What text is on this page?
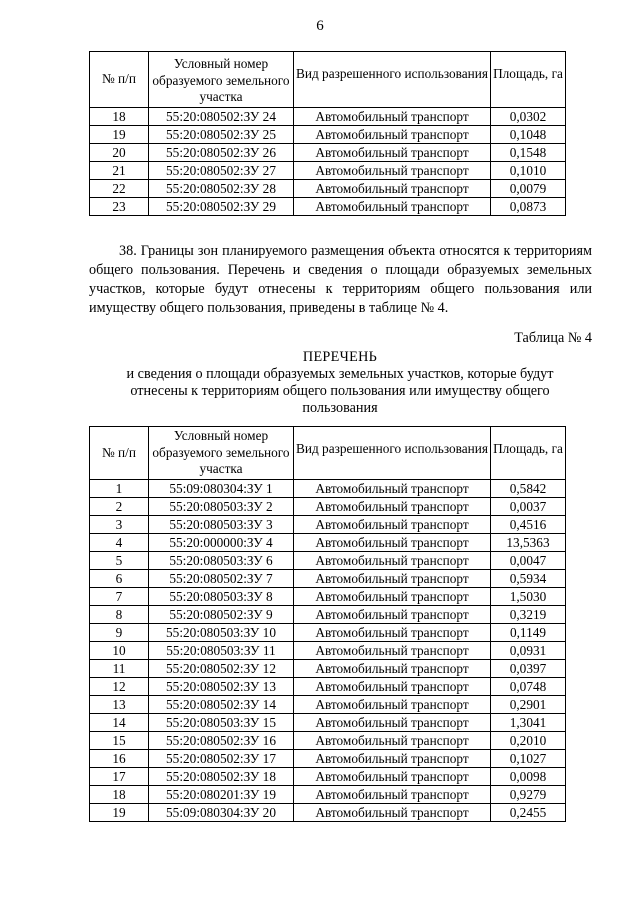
6
№ п/п	Условный номер образуемого земельного участка	Вид разрешенного использования	Площадь, га
18	55:20:080502:ЗУ 24	Автомобильный транспорт	0,0302
19	55:20:080502:ЗУ 25	Автомобильный транспорт	0,1048
20	55:20:080502:ЗУ 26	Автомобильный транспорт	0,1548
21	55:20:080502:ЗУ 27	Автомобильный транспорт	0,1010
22	55:20:080502:ЗУ 28	Автомобильный транспорт	0,0079
23	55:20:080502:ЗУ 29	Автомобильный транспорт	0,0873

38. Границы зон планируемого размещения объекта относятся к территориям общего пользования. Перечень и сведения о площади образуемых земельных участков, которые будут отнесены к территориям общего пользования или имуществу общего пользования, приведены в таблице № 4.

Таблица № 4
ПЕРЕЧЕНЬ
и сведения о площади образуемых земельных участков, которые будут отнесены к территориям общего пользования или имуществу общего пользования
№ п/п	Условный номер образуемого земельного участка	Вид разрешенного использования	Площадь, га
1	55:09:080304:ЗУ 1	Автомобильный транспорт	0,5842
2	55:20:080503:ЗУ 2	Автомобильный транспорт	0,0037
3	55:20:080503:ЗУ 3	Автомобильный транспорт	0,4516
4	55:20:000000:ЗУ 4	Автомобильный транспорт	13,5363
5	55:20:080503:ЗУ 6	Автомобильный транспорт	0,0047
6	55:20:080502:ЗУ 7	Автомобильный транспорт	0,5934
7	55:20:080503:ЗУ 8	Автомобильный транспорт	1,5030
8	55:20:080502:ЗУ 9	Автомобильный транспорт	0,3219
9	55:20:080503:ЗУ 10	Автомобильный транспорт	0,1149
10	55:20:080503:ЗУ 11	Автомобильный транспорт	0,0931
11	55:20:080502:ЗУ 12	Автомобильный транспорт	0,0397
12	55:20:080502:ЗУ 13	Автомобильный транспорт	0,0748
13	55:20:080502:ЗУ 14	Автомобильный транспорт	0,2901
14	55:20:080503:ЗУ 15	Автомобильный транспорт	1,3041
15	55:20:080502:ЗУ 16	Автомобильный транспорт	0,2010
16	55:20:080502:ЗУ 17	Автомобильный транспорт	0,1027
17	55:20:080502:ЗУ 18	Автомобильный транспорт	0,0098
18	55:20:080201:ЗУ 19	Автомобильный транспорт	0,9279
19	55:09:080304:ЗУ 20	Автомобильный транспорт	0,2455
